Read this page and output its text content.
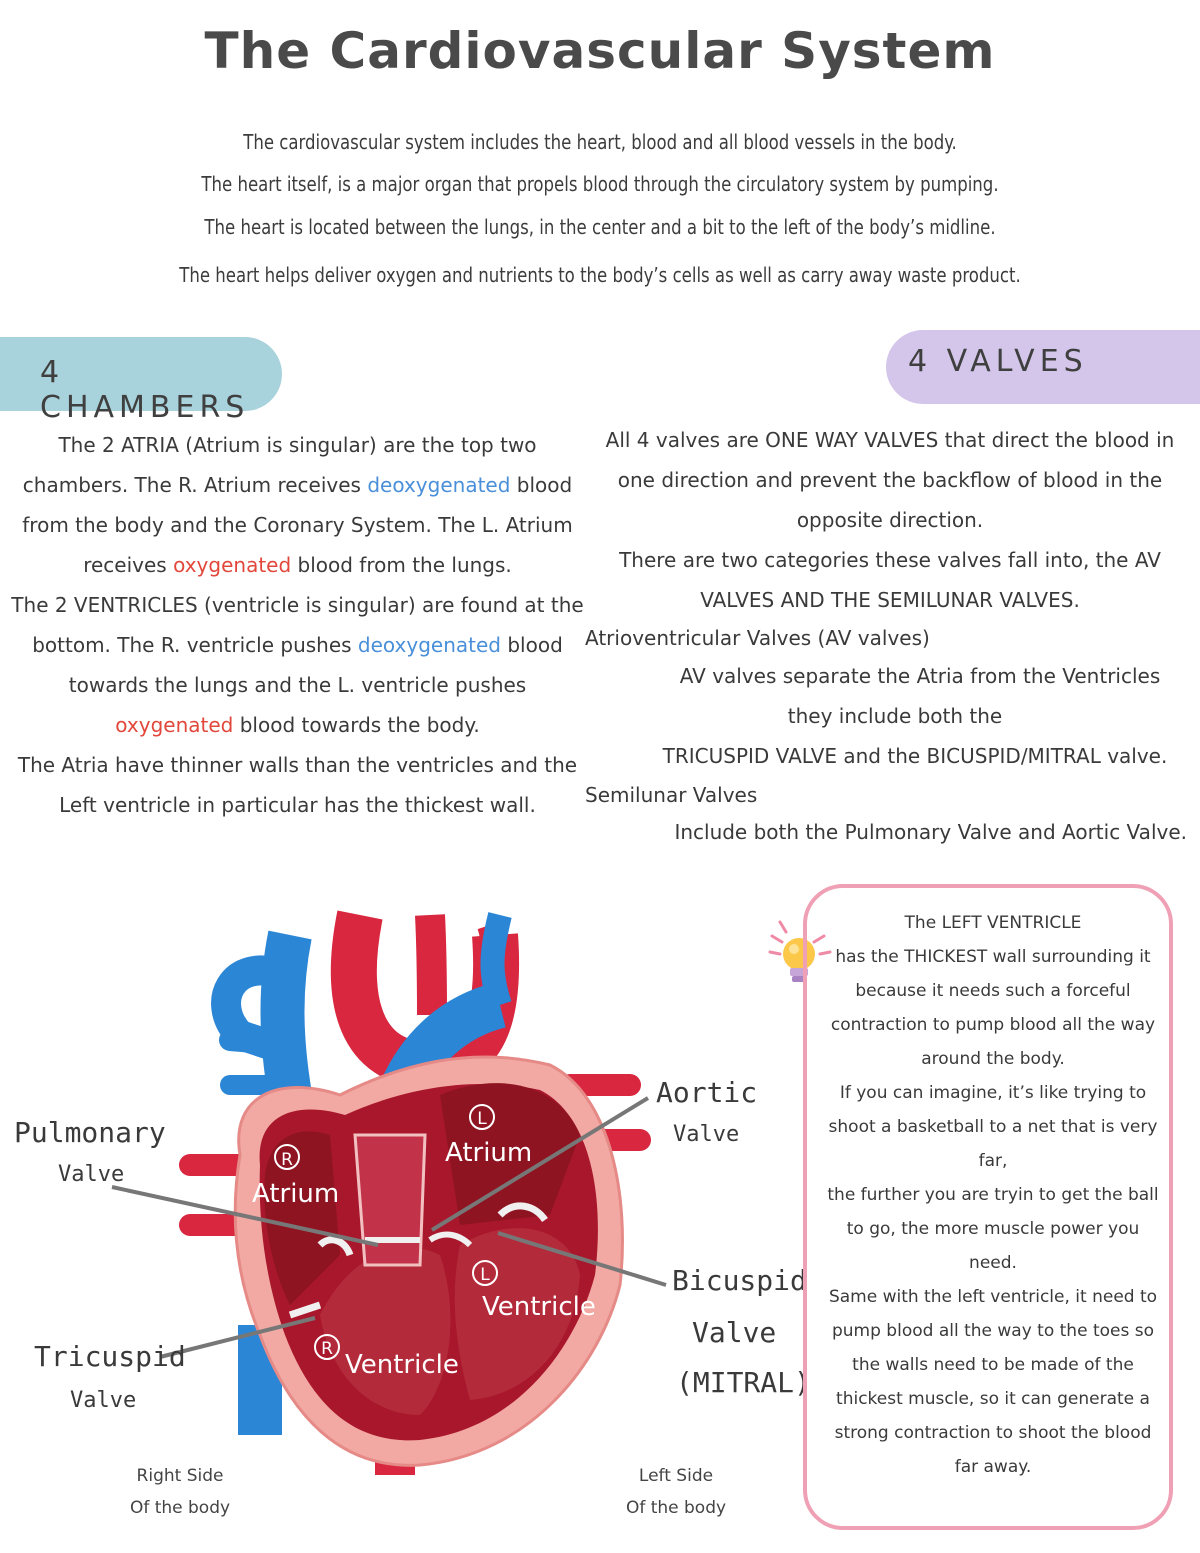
The Cardiovascular System
The cardiovascular system includes the heart, blood and all blood vessels in the body.
The heart itself, is a major organ that propels blood through the circulatory system by pumping.
The heart is located between the lungs, in the center and a bit to the left of the body’s midline.
The heart helps deliver oxygen and nutrients to the body’s cells as well as carry away waste product.
4 CHAMBERS
4 VALVES

The 2 ATRIA (Atrium is singular) are the top two chambers. The R. Atrium receives deoxygenated blood from the body and the Coronary System. The L. Atrium receives oxygenated blood from the lungs.

The 2 VENTRICLES (ventricle is singular) are found at the bottom. The R. ventricle pushes deoxygenated blood towards the lungs and the L. ventricle pushes oxygenated blood towards the body.

The Atria have thinner walls than the ventricles and the Left ventricle in particular has the thickest wall.

All 4 valves are ONE WAY VALVES that direct the blood in one direction and prevent the backflow of blood in the opposite direction.

There are two categories these valves fall into, the AV VALVES AND THE SEMILUNAR VALVES.

Atrioventricular Valves (AV valves)

AV valves separate the Atria from the Ventricles

they include both the

TRICUSPID VALVE and the BICUSPID/MITRAL valve.

Semilunar Valves

Include both the Pulmonary Valve and Aortic Valve.

R
Atrium
L
Atrium
L
Ventricle
R
Ventricle
Pulmonary
Valve
Tricuspid
Valve
Aortic
Valve
Bicuspid
Valve
(MITRAL)
Right Side
Of the body
Left Side
Of the body

The LEFT VENTRICLE

has the THICKEST wall surrounding it because it needs such a forceful contraction to pump blood all the way around the body.

If you can imagine, it’s like trying to shoot a basketball to a net that is very far,

the further you are tryin to get the ball to go, the more muscle power you need.

Same with the left ventricle, it need to pump blood all the way to the toes so the walls need to be made of the thickest muscle, so it can generate a strong contraction to shoot the blood far away.
